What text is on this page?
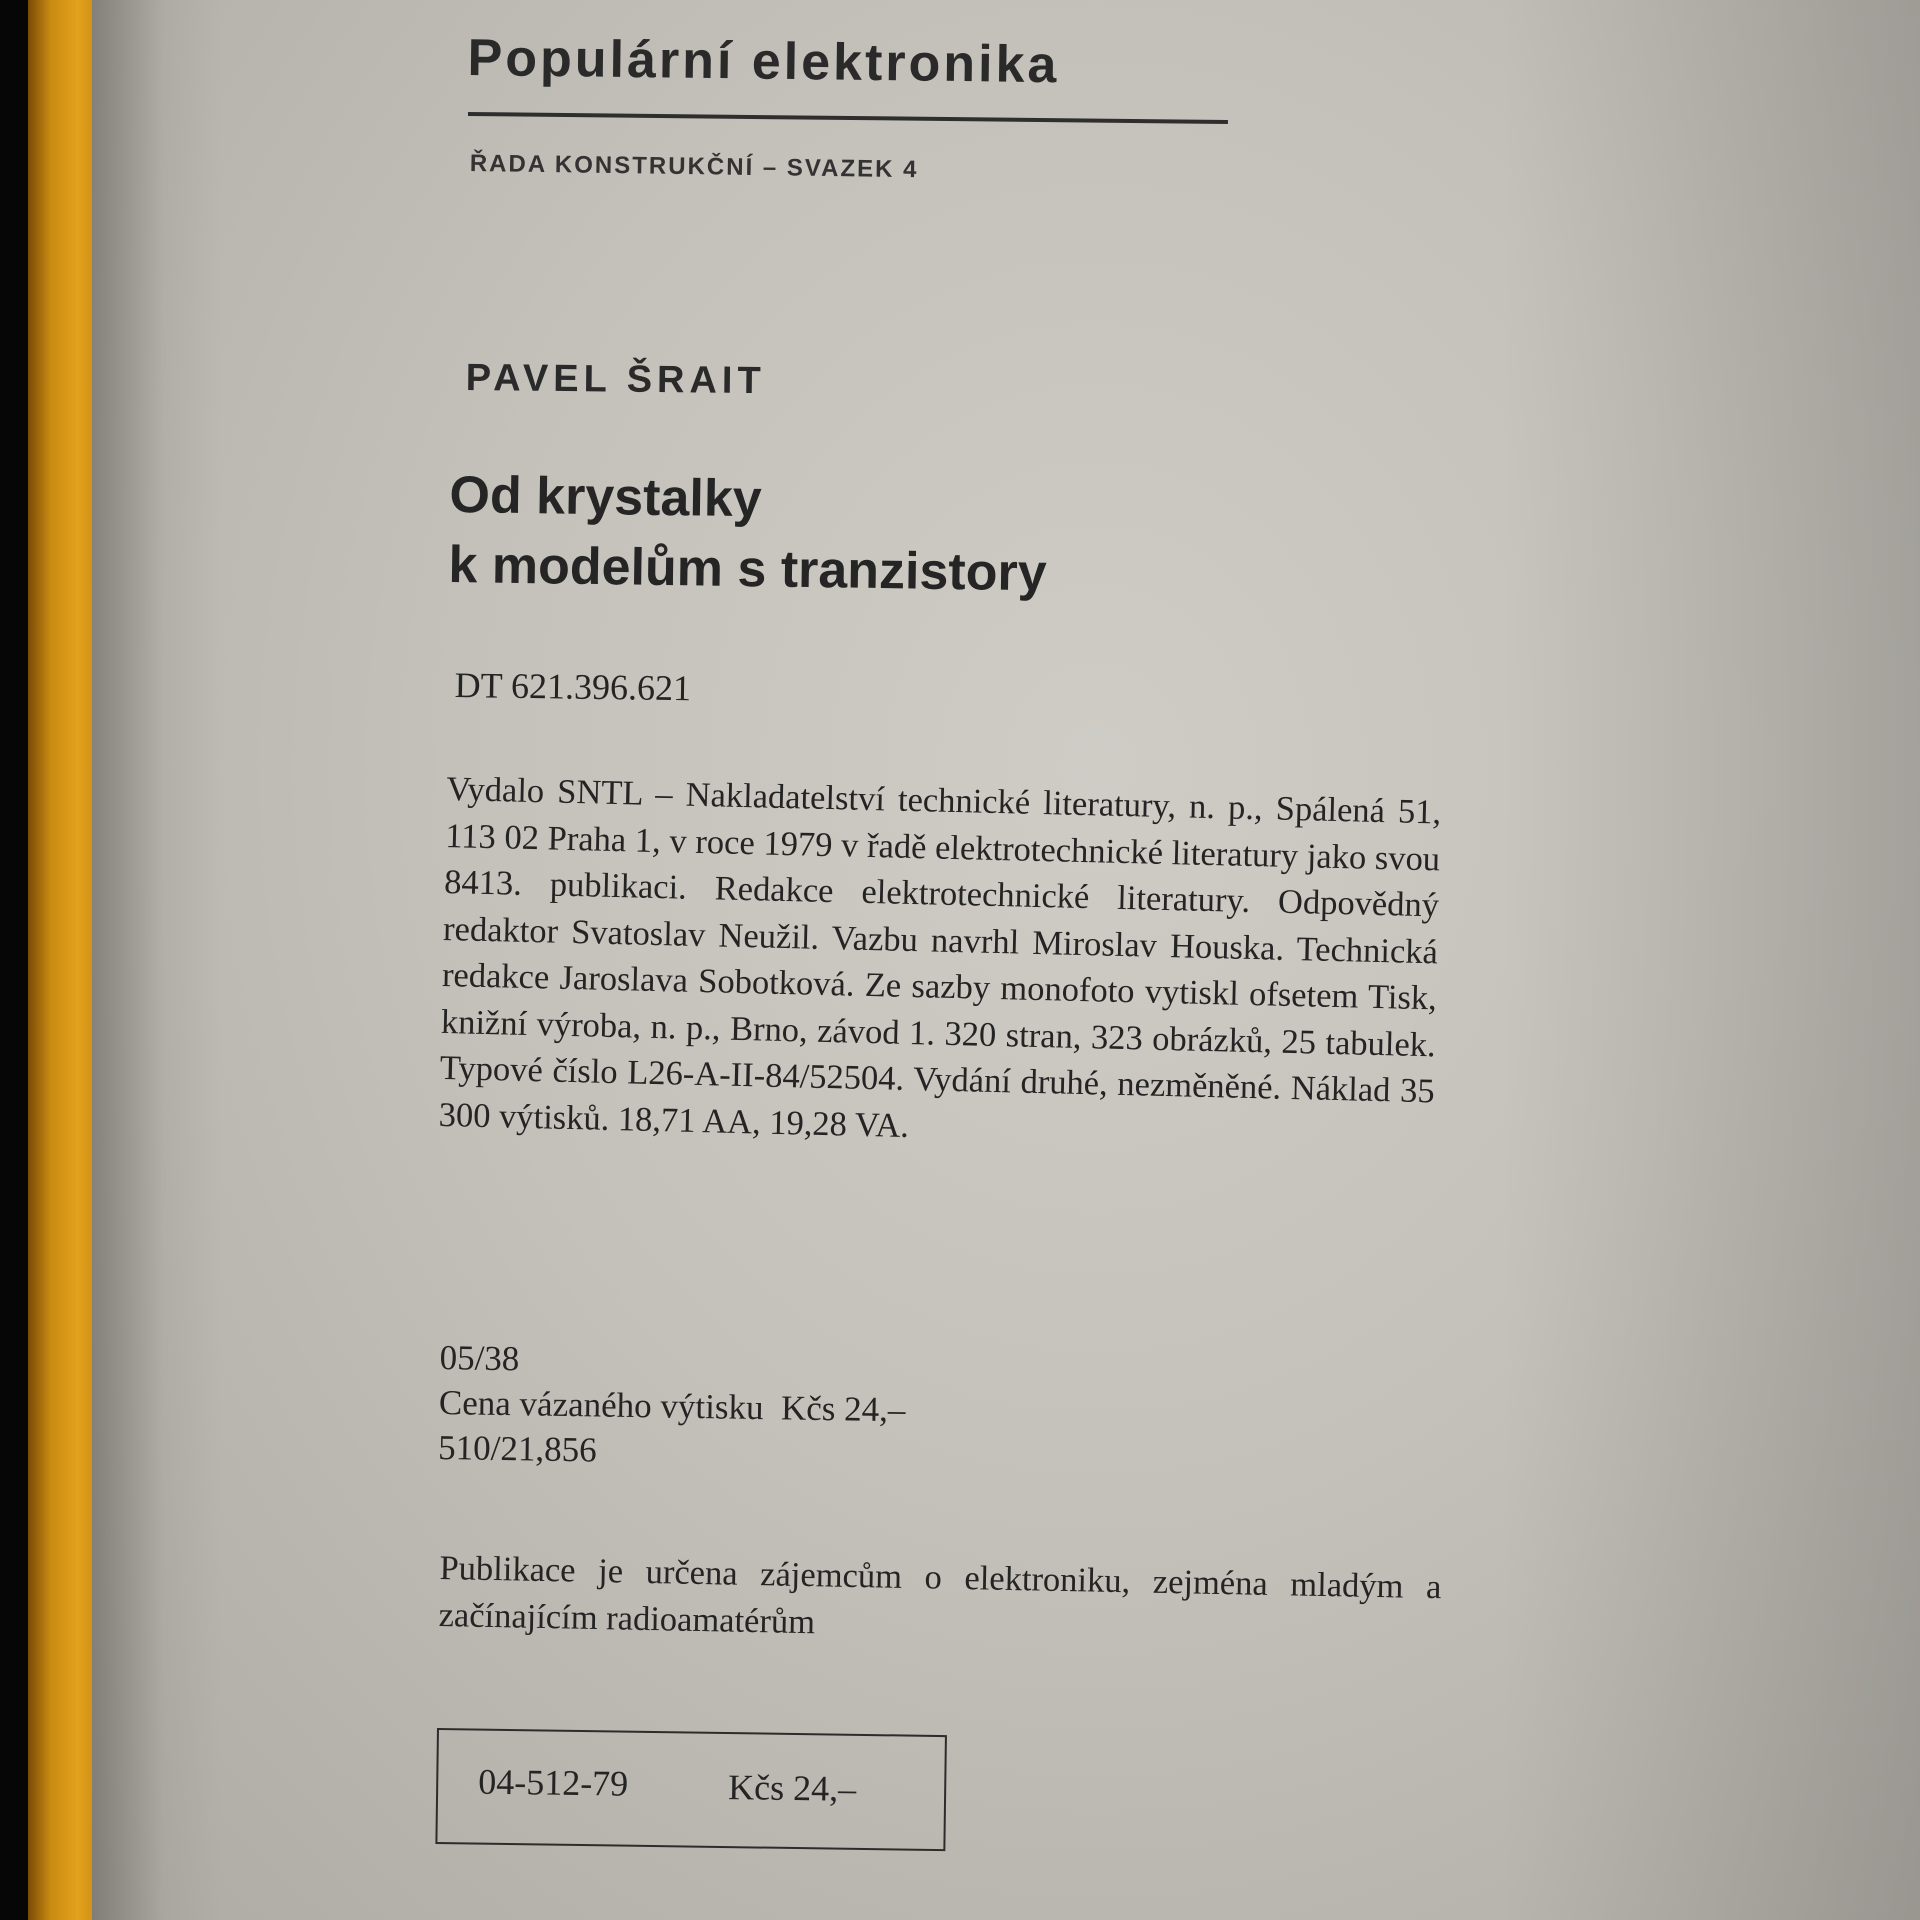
Populární elektronika
ŘADA KONSTRUKČNÍ – SVAZEK 4
PAVEL ŠRAIT
Od krystalky
k modelům s tranzistory
DT 621.396.621
Vydalo SNTL – Nakladatelství technické literatury, n. p., Spálená 51, 113 02 Praha 1, v roce 1979 v řadě elektrotechnické literatury jako svou 8413. publikaci. Redakce elektrotechnické literatury. Odpovědný redaktor Svatoslav Neužil. Vazbu navrhl Miroslav Houska. Technická redakce Jaroslava Sobotková. Ze sazby monofoto vytiskl ofsetem Tisk, knižní výroba, n. p., Brno, závod 1. 320 stran, 323 obrázků, 25 tabulek. Typové číslo L26-A-II-84/52504. Vydání druhé, nezměněné. Náklad 35 300 výtisků. 18,71 AA, 19,28 VA.
05/38
Cena vázaného výtisku  Kčs 24,–
510/21,856
Publikace je určena zájemcům o elektroniku, zejména mladým a začínajícím radioamatérům
04-512-79	Kčs 24,–
